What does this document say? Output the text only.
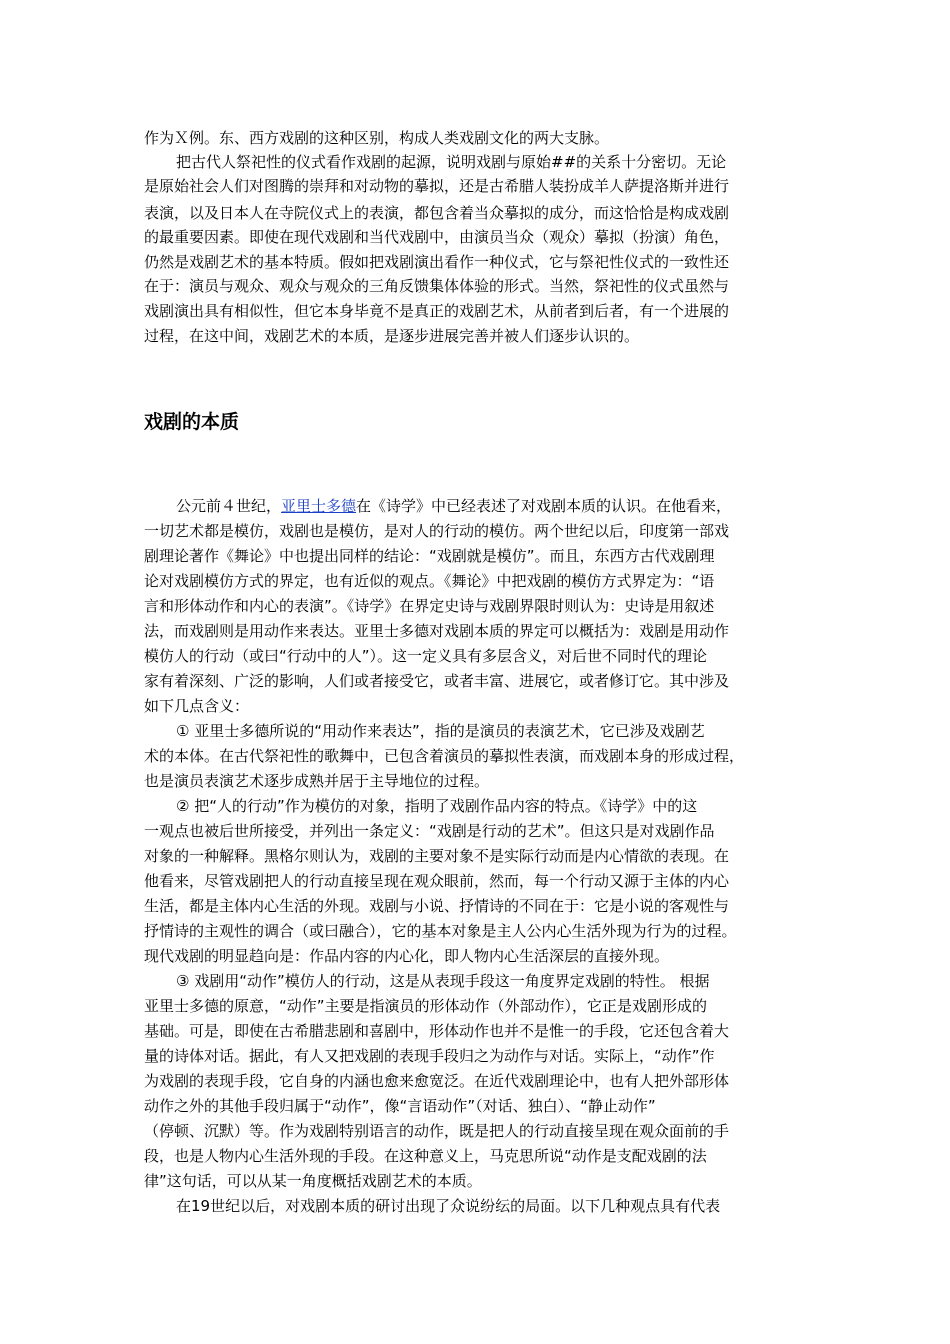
作为Ｘ例。东、西方戏剧的这种区别，构成人类戏剧文化的两大支脉。
把古代人祭祀性的仪式看作戏剧的起源，说明戏剧与原始##的关系十分密切。无论
是原始社会人们对图腾的崇拜和对动物的摹拟，还是古希腊人装扮成羊人萨提洛斯并进行
表演，以及日本人在寺院仪式上的表演，都包含着当众摹拟的成分，而这恰恰是构成戏剧
的最重要因素。即使在现代戏剧和当代戏剧中，由演员当众（观众）摹拟（扮演）角色，
仍然是戏剧艺术的基本特质。假如把戏剧演出看作一种仪式，它与祭祀性仪式的一致性还
在于：演员与观众、观众与观众的三角反馈集体体验的形式。当然，祭祀性的仪式虽然与
戏剧演出具有相似性，但它本身毕竟不是真正的戏剧艺术，从前者到后者，有一个进展的
过程，在这中间，戏剧艺术的本质，是逐步进展完善并被人们逐步认识的。
戏剧的本质
公元前４世纪，亚里士多德在《诗学》中已经表述了对戏剧本质的认识。在他看来，
一切艺术都是模仿，戏剧也是模仿，是对人的行动的模仿。两个世纪以后，印度第一部戏
剧理论著作《舞论》中也提出同样的结论：“戏剧就是模仿”。而且，东西方古代戏剧理
论对戏剧模仿方式的界定，也有近似的观点。《舞论》中把戏剧的模仿方式界定为：“语
言和形体动作和内心的表演”。《诗学》在界定史诗与戏剧界限时则认为：史诗是用叙述
法，而戏剧则是用动作来表达。亚里士多德对戏剧本质的界定可以概括为：戏剧是用动作
模仿人的行动（或曰“行动中的人”）。这一定义具有多层含义，对后世不同时代的理论
家有着深刻、广泛的影响，人们或者接受它，或者丰富、进展它，或者修订它。其中涉及
如下几点含义：
① 亚里士多德所说的“用动作来表达”，指的是演员的表演艺术，它已涉及戏剧艺
术的本体。在古代祭祀性的歌舞中，已包含着演员的摹拟性表演，而戏剧本身的形成过程，
也是演员表演艺术逐步成熟并居于主导地位的过程。
② 把“人的行动”作为模仿的对象，指明了戏剧作品内容的特点。《诗学》中的这
一观点也被后世所接受，并列出一条定义：“戏剧是行动的艺术”。但这只是对戏剧作品
对象的一种解释。黑格尔则认为，戏剧的主要对象不是实际行动而是内心情欲的表现。在
他看来，尽管戏剧把人的行动直接呈现在观众眼前，然而，每一个行动又源于主体的内心
生活，都是主体内心生活的外现。戏剧与小说、抒情诗的不同在于：它是小说的客观性与
抒情诗的主观性的调合（或曰融合），它的基本对象是主人公内心生活外现为行为的过程。
现代戏剧的明显趋向是：作品内容的内心化，即人物内心生活深层的直接外现。
③ 戏剧用“动作”模仿人的行动，这是从表现手段这一角度界定戏剧的特性。 根据
亚里士多德的原意，“动作”主要是指演员的形体动作（外部动作），它正是戏剧形成的
基础。可是，即使在古希腊悲剧和喜剧中，形体动作也并不是惟一的手段，它还包含着大
量的诗体对话。据此，有人又把戏剧的表现手段归之为动作与对话。实际上，“动作”作
为戏剧的表现手段，它自身的内涵也愈来愈宽泛。在近代戏剧理论中，也有人把外部形体
动作之外的其他手段归属于“动作”，像“言语动作”（对话、独白）、“静止动作”
（停顿、沉默）等。作为戏剧特别语言的动作，既是把人的行动直接呈现在观众面前的手
段，也是人物内心生活外现的手段。在这种意义上，马克思所说“动作是支配戏剧的法
律”这句话，可以从某一角度概括戏剧艺术的本质。
在19世纪以后，对戏剧本质的研讨出现了众说纷纭的局面。以下几种观点具有代表
